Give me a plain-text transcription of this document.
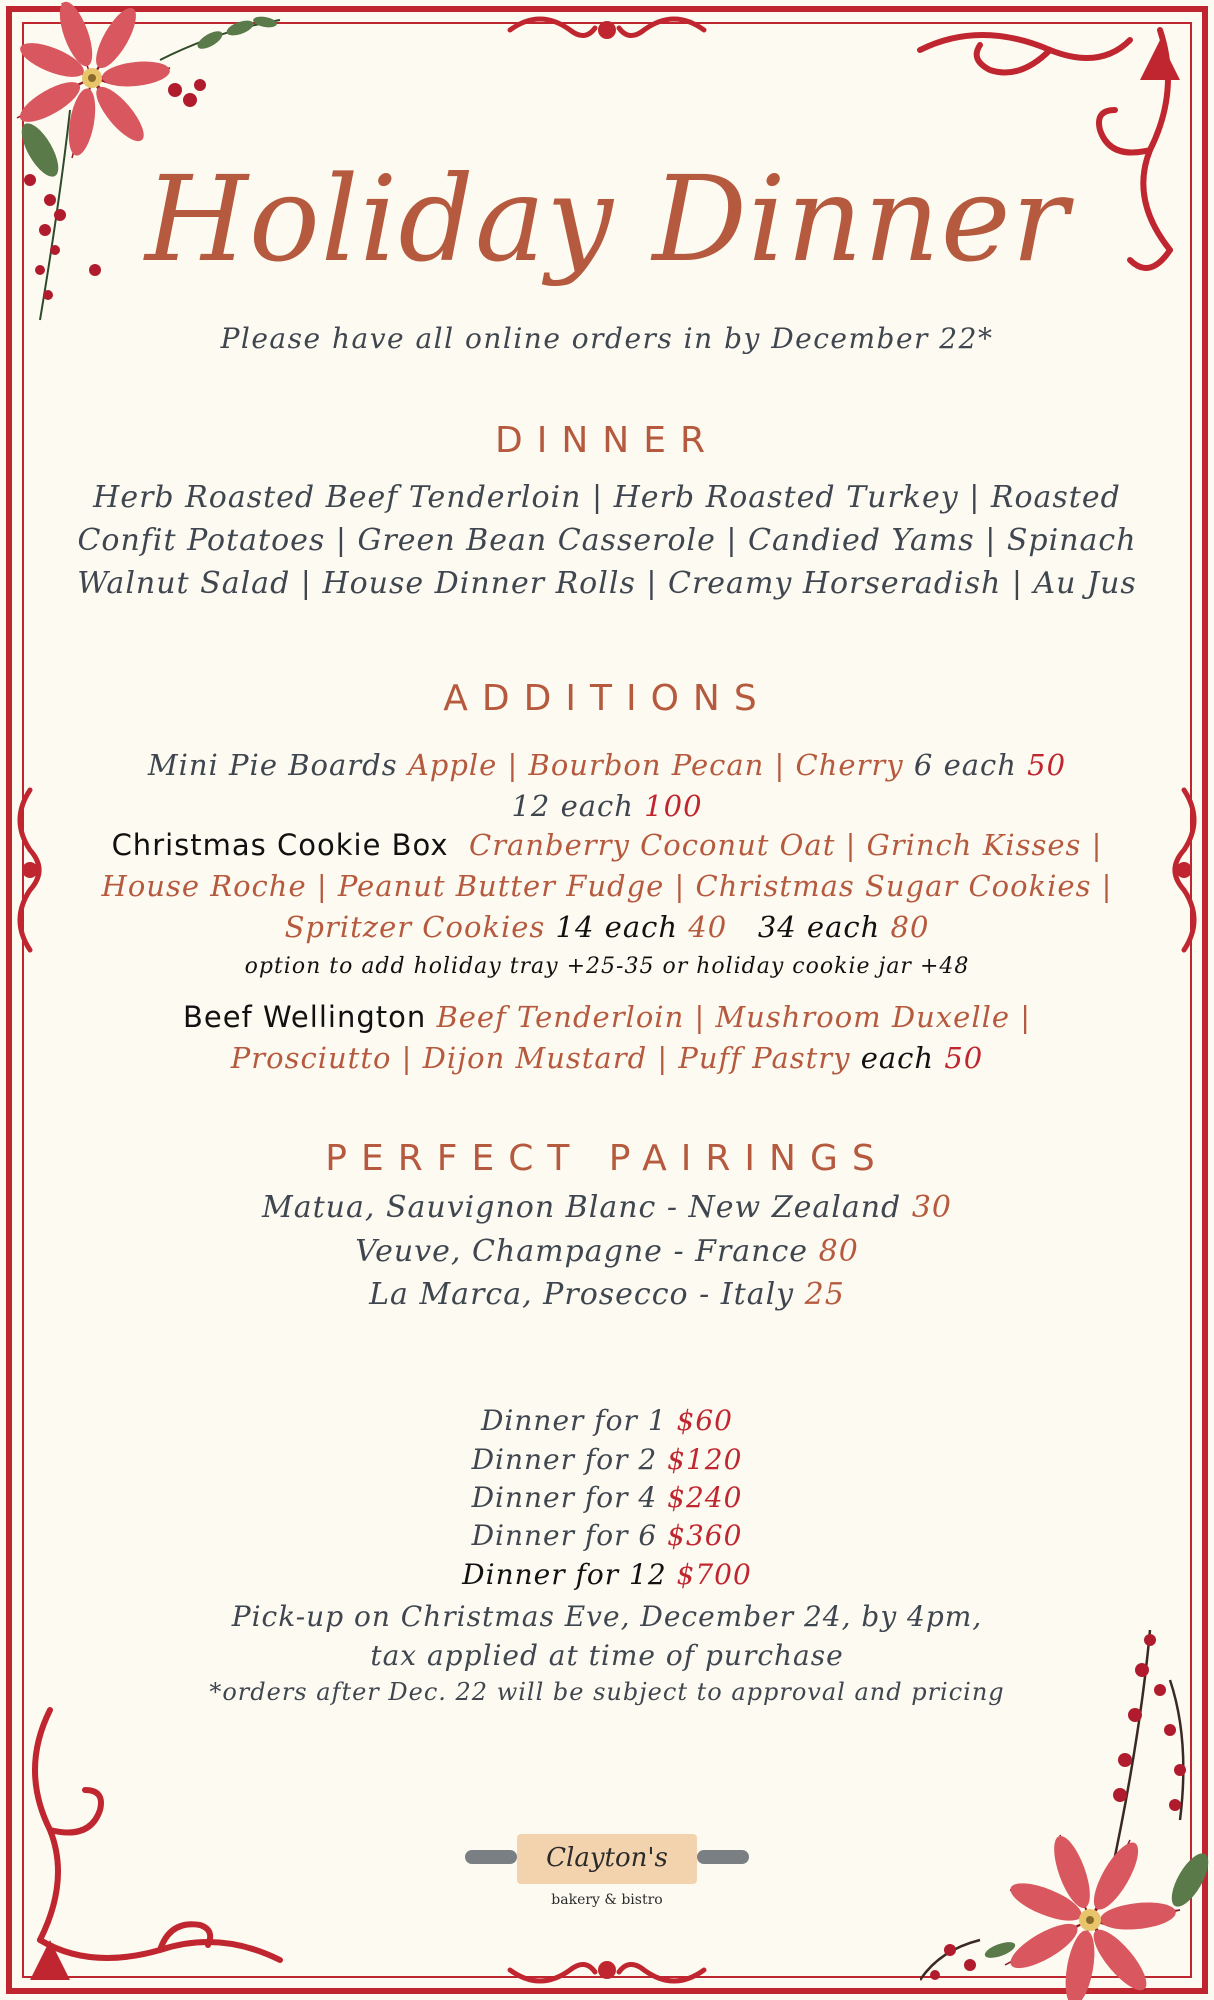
Holiday Dinner
Please have all online orders in by December 22*
DINNER
Herb Roasted Beef Tenderloin | Herb Roasted Turkey | Roasted
Confit Potatoes | Green Bean Casserole | Candied Yams | Spinach
Walnut Salad | House Dinner Rolls | Creamy Horseradish | Au Jus
ADDITIONS
Mini Pie Boards Apple | Bourbon Pecan | Cherry 6 each 50
12 each 100
Christmas Cookie Box Cranberry Coconut Oat | Grinch Kisses |
House Roche | Peanut Butter Fudge | Christmas Sugar Cookies |
Spritzer Cookies 14 each 40 34 each 80
option to add holiday tray +25-35 or holiday cookie jar +48
Beef Wellington Beef Tenderloin | Mushroom Duxelle |
Prosciutto | Dijon Mustard | Puff Pastry each 50
PERFECT PAIRINGS
Matua, Sauvignon Blanc - New Zealand 30
Veuve, Champagne - France 80
La Marca, Prosecco - Italy 25
Dinner for 1 $60
Dinner for 2 $120
Dinner for 4 $240
Dinner for 6 $360
Dinner for 12 $700
Pick-up on Christmas Eve, December 24, by 4pm,
tax applied at time of purchase
*orders after Dec. 22 will be subject to approval and pricing
Clayton's
bakery & bistro
